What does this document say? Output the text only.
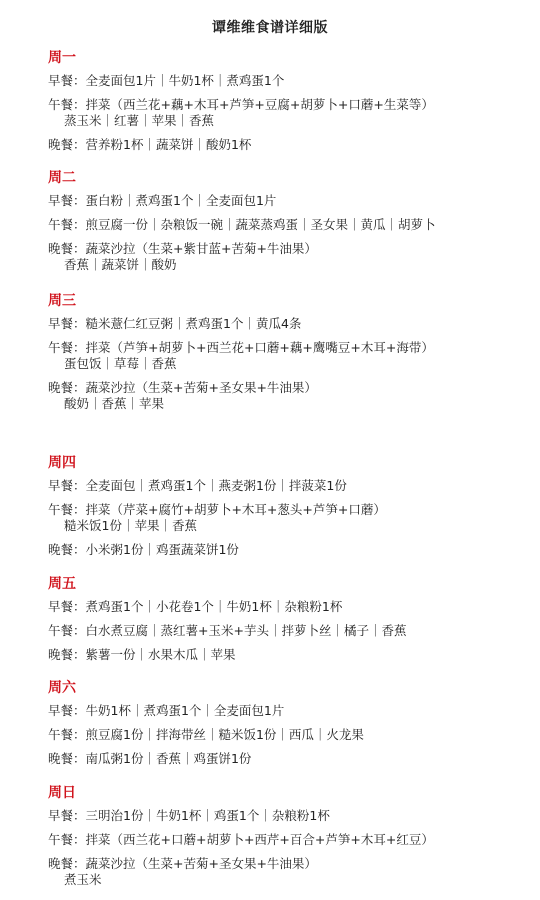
谭维维食谱详细版
周一
早餐：全麦面包1片｜牛奶1杯｜煮鸡蛋1个
午餐：拌菜（西兰花+藕+木耳+芦笋+豆腐+胡萝卜+口蘑+生菜等）
蒸玉米｜红薯｜苹果｜香蕉
晚餐：营养粉1杯｜蔬菜饼｜酸奶1杯
周二
早餐：蛋白粉｜煮鸡蛋1个｜全麦面包1片
午餐：煎豆腐一份｜杂粮饭一碗｜蔬菜蒸鸡蛋｜圣女果｜黄瓜｜胡萝卜
晚餐：蔬菜沙拉（生菜+紫甘蓝+苦菊+牛油果）
香蕉｜蔬菜饼｜酸奶
周三
早餐：糙米薏仁红豆粥｜煮鸡蛋1个｜黄瓜4条
午餐：拌菜（芦笋+胡萝卜+西兰花+口蘑+藕+鹰嘴豆+木耳+海带）
蛋包饭｜草莓｜香蕉
晚餐：蔬菜沙拉（生菜+苦菊+圣女果+牛油果）
酸奶｜香蕉｜苹果
周四
早餐：全麦面包｜煮鸡蛋1个｜燕麦粥1份｜拌菠菜1份
午餐：拌菜（芹菜+腐竹+胡萝卜+木耳+葱头+芦笋+口蘑）
糙米饭1份｜苹果｜香蕉
晚餐：小米粥1份｜鸡蛋蔬菜饼1份
周五
早餐：煮鸡蛋1个｜小花卷1个｜牛奶1杯｜杂粮粉1杯
午餐：白水煮豆腐｜蒸红薯+玉米+芋头｜拌萝卜丝｜橘子｜香蕉
晚餐：紫薯一份｜水果木瓜｜苹果
周六
早餐：牛奶1杯｜煮鸡蛋1个｜全麦面包1片
午餐：煎豆腐1份｜拌海带丝｜糙米饭1份｜西瓜｜火龙果
晚餐：南瓜粥1份｜香蕉｜鸡蛋饼1份
周日
早餐：三明治1份｜牛奶1杯｜鸡蛋1个｜杂粮粉1杯
午餐：拌菜（西兰花+口蘑+胡萝卜+西芹+百合+芦笋+木耳+红豆）
晚餐：蔬菜沙拉（生菜+苦菊+圣女果+牛油果）
煮玉米
